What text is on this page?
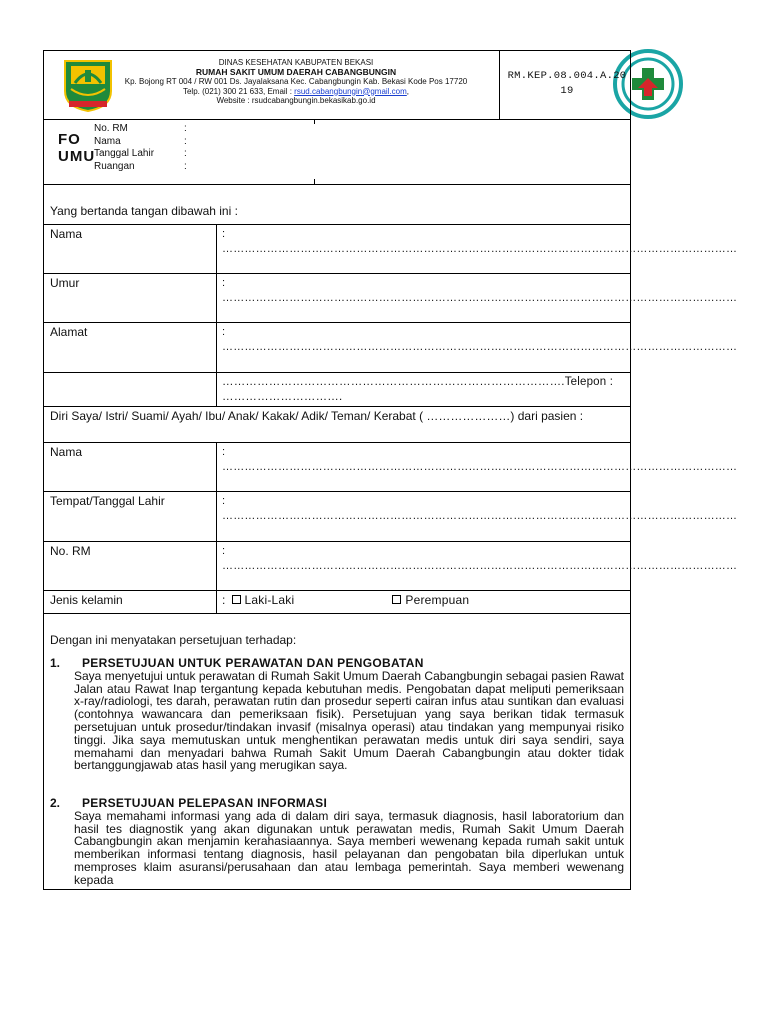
DINAS KESEHATAN KABUPATEN BEKASI
RUMAH SAKIT UMUM DAERAH CABANGBUNGIN
Kp. Bojong RT 004 / RW 001 Ds. Jayalaksana Kec. Cabangbungin Kab. Bekasi Kode Pos 17720
Telp. (021) 300 21 633, Email : rsud.cabangbungin@gmail.com,
Website : rsudcabangbungin.bekasikab.go.id
RM.KEP.08.004.A.20
19
FO
UMU
No. RM	:
Nama	:
Tanggal Lahir	:
Ruangan	:
Yang bertanda tangan dibawah ini :
Nama	: …………………………………………………………………………………………………………………………
Umur	: …………………………………………………………………………………………………………………………
Alamat	: …………………………………………………………………………………………………………………………
…………………………………………………………………………….Telepon : ………………………….
Diri Saya/ Istri/ Suami/ Ayah/ Ibu/ Anak/ Kakak/ Adik/ Teman/ Kerabat ( …………………) dari pasien :
Nama	: …………………………………………………………………………………………………………………………
Tempat/Tanggal Lahir	: …………………………………………………………………………………………………………………………
No. RM	: …………………………………………………………………………………………………………………………
Jenis kelamin	: Laki-Laki	Perempuan
Dengan ini menyatakan persetujuan terhadap:
1. PERSETUJUAN UNTUK PERAWATAN DAN PENGOBATAN

Saya menyetujui untuk perawatan di Rumah Sakit Umum Daerah Cabangbungin sebagai pasien Rawat Jalan atau Rawat Inap tergantung kepada kebutuhan medis. Pengobatan dapat meliputi pemeriksaan x-ray/radiologi, tes darah, perawatan rutin dan prosedur seperti cairan infus atau suntikan dan evaluasi (contohnya wawancara dan pemeriksaan fisik). Persetujuan yang saya berikan tidak termasuk persetujuan untuk prosedur/tindakan invasif (misalnya operasi) atau tindakan yang mempunyai risiko tinggi. Jika saya memutuskan untuk menghentikan perawatan medis untuk diri saya sendiri, saya memahami dan menyadari bahwa Rumah Sakit Umum Daerah Cabangbungin atau dokter tidak bertanggungjawab atas hasil yang merugikan saya.

2. PERSETUJUAN PELEPASAN INFORMASI

Saya memahami informasi yang ada di dalam diri saya, termasuk diagnosis, hasil laboratorium dan hasil tes diagnostik yang akan digunakan untuk perawatan medis, Rumah Sakit Umum Daerah Cabangbungin akan menjamin kerahasiaannya. Saya memberi wewenang kepada rumah sakit untuk memberikan informasi tentang diagnosis, hasil pelayanan dan pengobatan bila diperlukan untuk memproses klaim asuransi/perusahaan dan atau lembaga pemerintah. Saya memberi wewenang kepada
